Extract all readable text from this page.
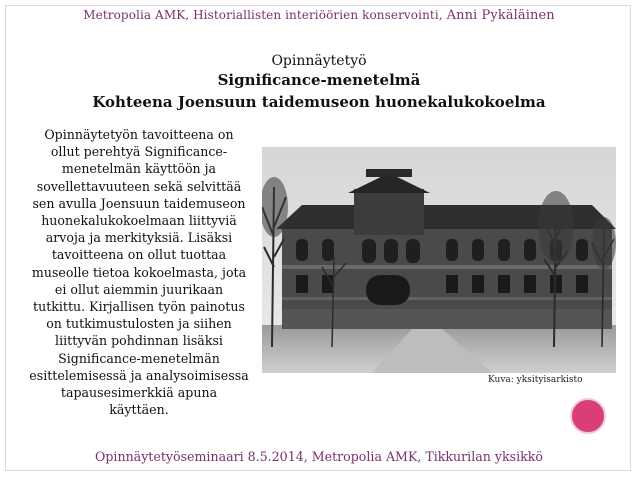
Metropolia AMK, Historiallisten interiöörien konservointi, Anni Pykäläinen
Opinnäytetyö
Significance-menetelmä
Kohteena Joensuun taidemuseon huonekalukokoelma
Opinnäytetyön tavoitteena on
ollut perehtyä Significance-
menetelmän käyttöön ja
sovellettavuuteen sekä selvittää
sen avulla Joensuun taidemuseon
huonekalukokoelmaan liittyviä
arvoja ja merkityksiä. Lisäksi
tavoitteena on ollut tuottaa
museolle tietoa kokoelmasta, jota
ei ollut aiemmin juurikaan
tutkittu. Kirjallisen työn painotus
on tutkimustulosten ja siihen
liittyvän pohdinnan lisäksi
Significance-menetelmän
esittelemisessä ja analysoimisessa
tapausesimerkkiä apuna
käyttäen.
Kuva: yksityisarkisto
Opinnäytetyöseminaari 8.5.2014, Metropolia AMK, Tikkurilan yksikkö
